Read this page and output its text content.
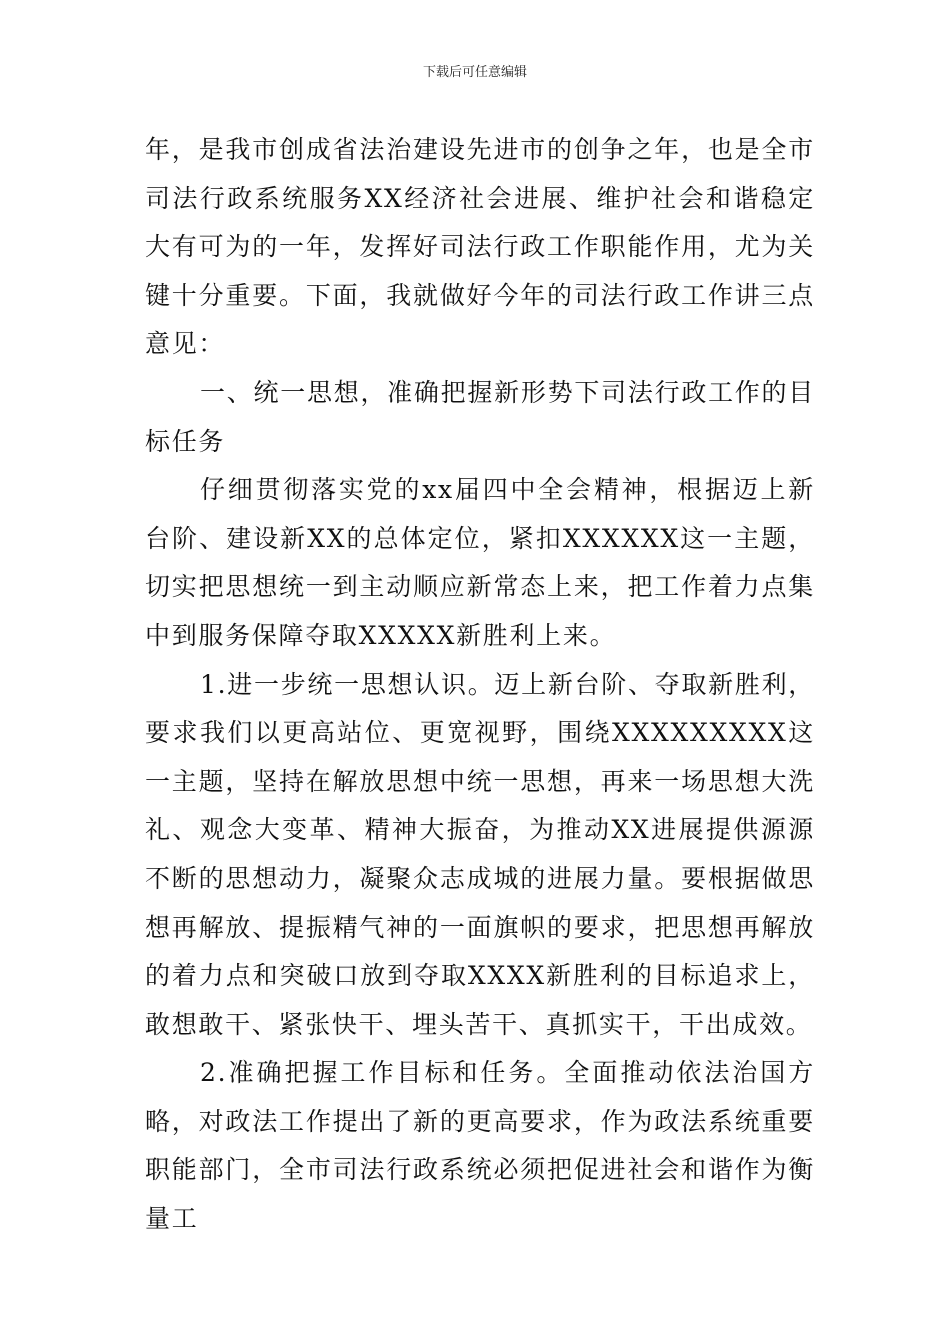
下载后可任意编辑

年，是我市创成省法治建设先进市的创争之年，也是全市司法行政系统服务XX经济社会进展、维护社会和谐稳定大有可为的一年，发挥好司法行政工作职能作用，尤为关键十分重要。下面，我就做好今年的司法行政工作讲三点意见：

一、统一思想，准确把握新形势下司法行政工作的目标任务

仔细贯彻落实党的xx届四中全会精神，根据迈上新台阶、建设新XX的总体定位，紧扣XXXXXX这一主题，切实把思想统一到主动顺应新常态上来，把工作着力点集中到服务保障夺取XXXXX新胜利上来。

1.进一步统一思想认识。迈上新台阶、夺取新胜利，要求我们以更高站位、更宽视野，围绕XXXXXXXXX这一主题，坚持在解放思想中统一思想，再来一场思想大洗礼、观念大变革、精神大振奋，为推动XX进展提供源源不断的思想动力，凝聚众志成城的进展力量。要根据做思想再解放、提振精气神的一面旗帜的要求，把思想再解放的着力点和突破口放到夺取XXXX新胜利的目标追求上，敢想敢干、紧张快干、埋头苦干、真抓实干，干出成效。

2.准确把握工作目标和任务。全面推动依法治国方略，对政法工作提出了新的更高要求，作为政法系统重要职能部门，全市司法行政系统必须把促进社会和谐作为衡量工
